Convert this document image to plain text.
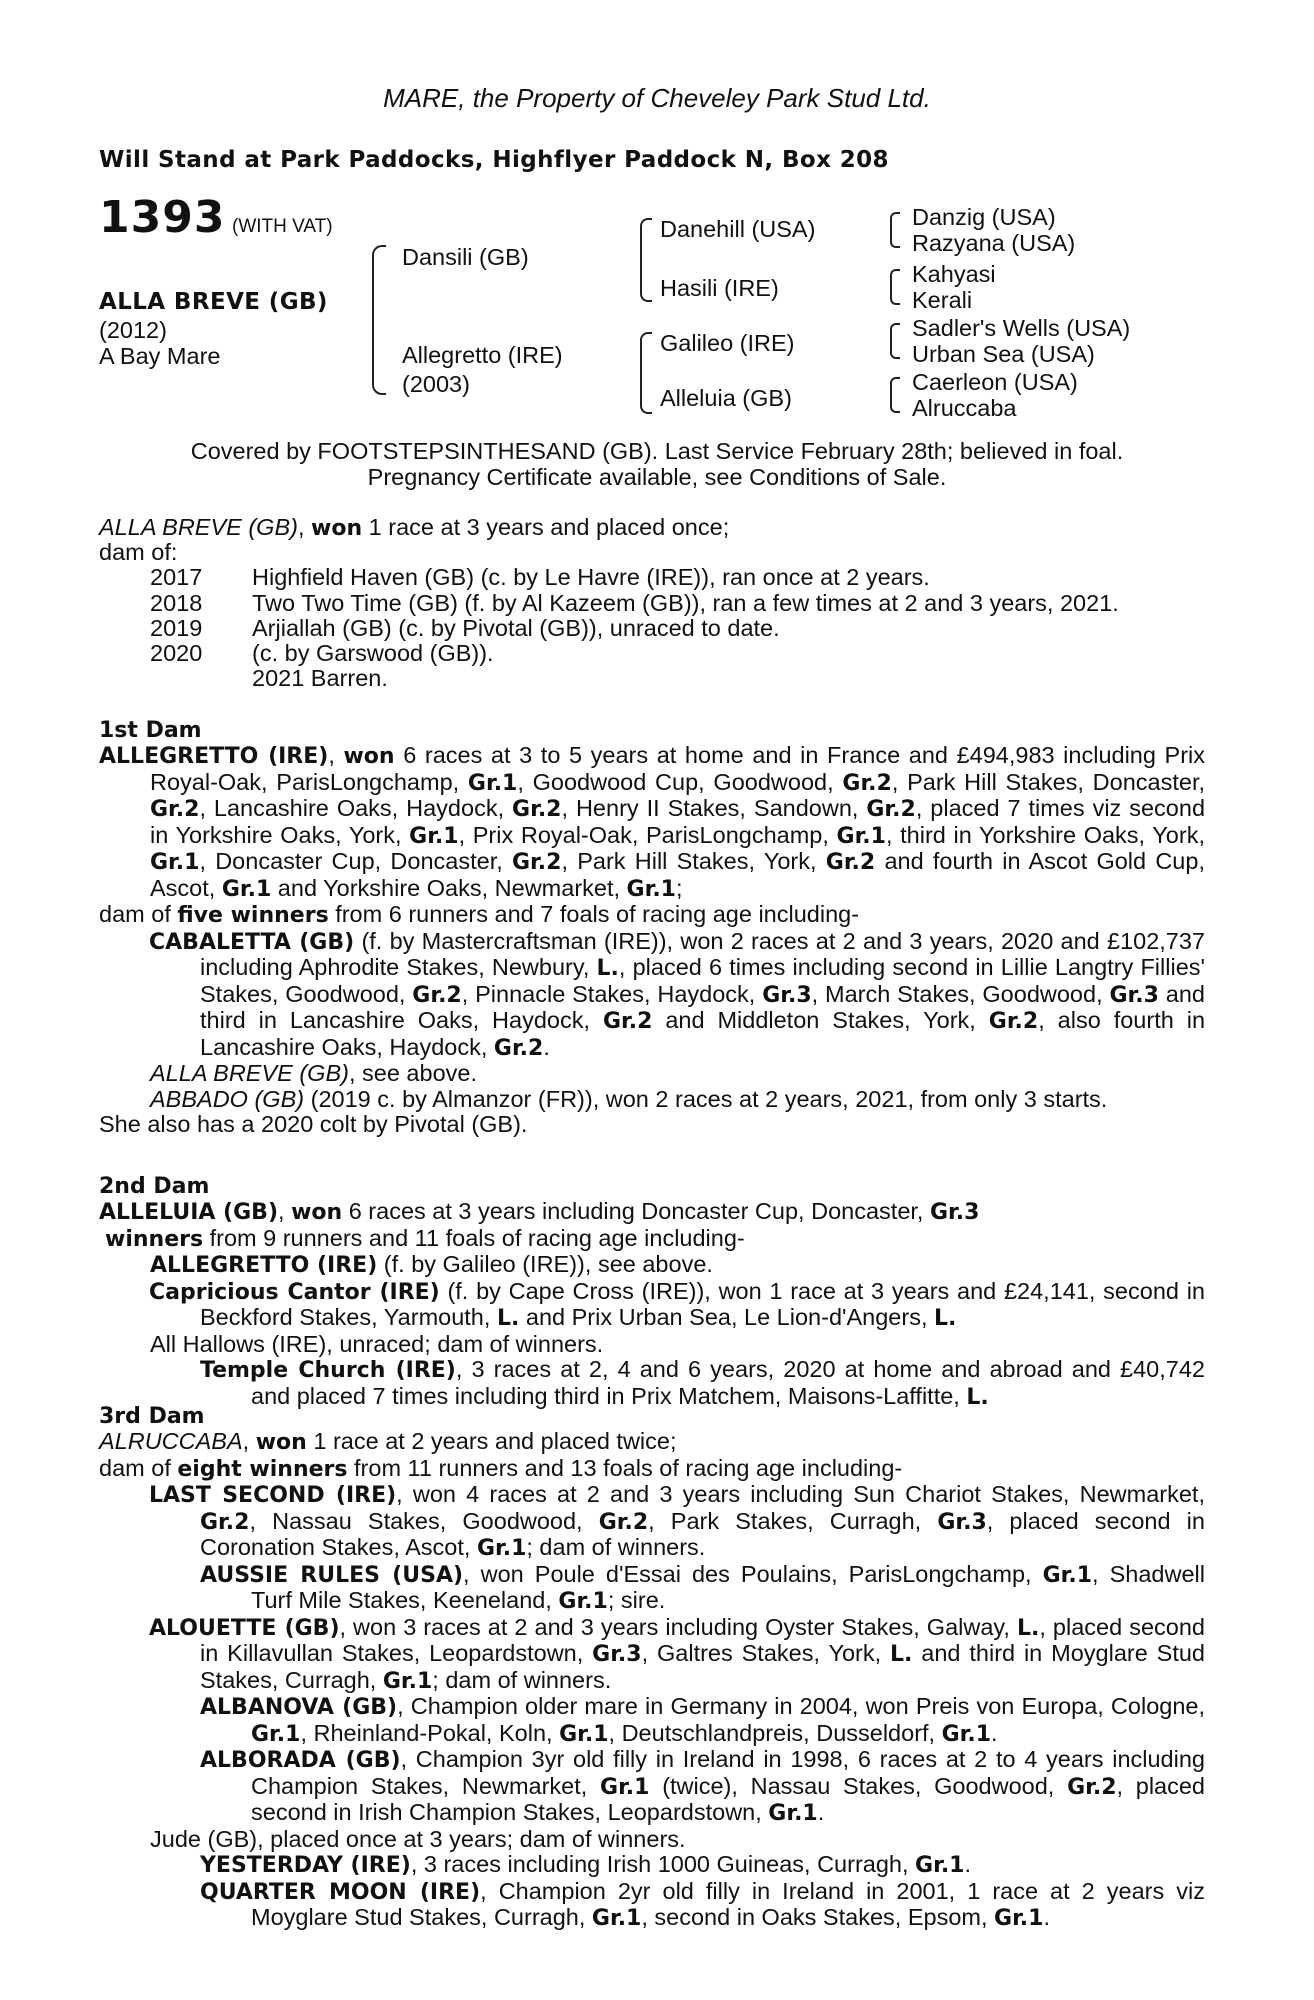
MARE, the Property of Cheveley Park Stud Ltd.
Will Stand at Park Paddocks, Highflyer Paddock N, Box 208
1393 (WITH VAT)
ALLA BREVE (GB)
(2012)
A Bay Mare
Dansili (GB)
Allegretto (IRE)
(2003)
Danehill (USA)
Hasili (IRE)
Galileo (IRE)
Alleluia (GB)
Danzig (USA)
Razyana (USA)
Kahyasi
Kerali
Sadler's Wells (USA)
Urban Sea (USA)
Caerleon (USA)
Alruccaba
Covered by FOOTSTEPSINTHESAND (GB). Last Service February 28th; believed in foal.
Pregnancy Certificate available, see Conditions of Sale.
ALLA BREVE (GB), won 1 race at 3 years and placed once;
dam of:
2017 Highfield Haven (GB) (c. by Le Havre (IRE)), ran once at 2 years.
2018 Two Two Time (GB) (f. by Al Kazeem (GB)), ran a few times at 2 and 3 years, 2021.
2019 Arjiallah (GB) (c. by Pivotal (GB)), unraced to date.
2020 (c. by Garswood (GB)).
2021 Barren.
1st Dam

ALLEGRETTO (IRE), won 6 races at 3 to 5 years at home and in France and £494,983 including Prix Royal-Oak, ParisLongchamp, Gr.1, Goodwood Cup, Goodwood, Gr.2, Park Hill Stakes, Doncaster, Gr.2, Lancashire Oaks, Haydock, Gr.2, Henry II Stakes, Sandown, Gr.2, placed 7 times viz second in Yorkshire Oaks, York, Gr.1, Prix Royal-Oak, ParisLongchamp, Gr.1, third in Yorkshire Oaks, York, Gr.1, Doncaster Cup, Doncaster, Gr.2, Park Hill Stakes, York, Gr.2 and fourth in Ascot Gold Cup, Ascot, Gr.1 and Yorkshire Oaks, Newmarket, Gr.1;

dam of five winners from 6 runners and 7 foals of racing age including-

CABALETTA (GB) (f. by Mastercraftsman (IRE)), won 2 races at 2 and 3 years, 2020 and £102,737 including Aphrodite Stakes, Newbury, L., placed 6 times including second in Lillie Langtry Fillies' Stakes, Goodwood, Gr.2, Pinnacle Stakes, Haydock, Gr.3, March Stakes, Goodwood, Gr.3 and third in Lancashire Oaks, Haydock, Gr.2 and Middleton Stakes, York, Gr.2, also fourth in Lancashire Oaks, Haydock, Gr.2.

ALLA BREVE (GB), see above.

ABBADO (GB) (2019 c. by Almanzor (FR)), won 2 races at 2 years, 2021, from only 3 starts.

She also has a 2020 colt by Pivotal (GB).

2nd Dam

ALLELUIA (GB), won 6 races at 3 years including Doncaster Cup, Doncaster, Gr.3

winners from 9 runners and 11 foals of racing age including-

ALLEGRETTO (IRE) (f. by Galileo (IRE)), see above.

Capricious Cantor (IRE) (f. by Cape Cross (IRE)), won 1 race at 3 years and £24,141, second in Beckford Stakes, Yarmouth, L. and Prix Urban Sea, Le Lion-d'Angers, L.

All Hallows (IRE), unraced; dam of winners.

Temple Church (IRE), 3 races at 2, 4 and 6 years, 2020 at home and abroad and £40,742 and placed 7 times including third in Prix Matchem, Maisons-Laffitte, L.

3rd Dam

ALRUCCABA, won 1 race at 2 years and placed twice;

dam of eight winners from 11 runners and 13 foals of racing age including-

LAST SECOND (IRE), won 4 races at 2 and 3 years including Sun Chariot Stakes, Newmarket, Gr.2, Nassau Stakes, Goodwood, Gr.2, Park Stakes, Curragh, Gr.3, placed second in Coronation Stakes, Ascot, Gr.1; dam of winners.

AUSSIE RULES (USA), won Poule d'Essai des Poulains, ParisLongchamp, Gr.1, Shadwell Turf Mile Stakes, Keeneland, Gr.1; sire.

ALOUETTE (GB), won 3 races at 2 and 3 years including Oyster Stakes, Galway, L., placed second in Killavullan Stakes, Leopardstown, Gr.3, Galtres Stakes, York, L. and third in Moyglare Stud Stakes, Curragh, Gr.1; dam of winners.

ALBANOVA (GB), Champion older mare in Germany in 2004, won Preis von Europa, Cologne, Gr.1, Rheinland-Pokal, Koln, Gr.1, Deutschlandpreis, Dusseldorf, Gr.1.

ALBORADA (GB), Champion 3yr old filly in Ireland in 1998, 6 races at 2 to 4 years including Champion Stakes, Newmarket, Gr.1 (twice), Nassau Stakes, Goodwood, Gr.2, placed second in Irish Champion Stakes, Leopardstown, Gr.1.

Jude (GB), placed once at 3 years; dam of winners.

YESTERDAY (IRE), 3 races including Irish 1000 Guineas, Curragh, Gr.1.

QUARTER MOON (IRE), Champion 2yr old filly in Ireland in 2001, 1 race at 2 years viz Moyglare Stud Stakes, Curragh, Gr.1, second in Oaks Stakes, Epsom, Gr.1.
